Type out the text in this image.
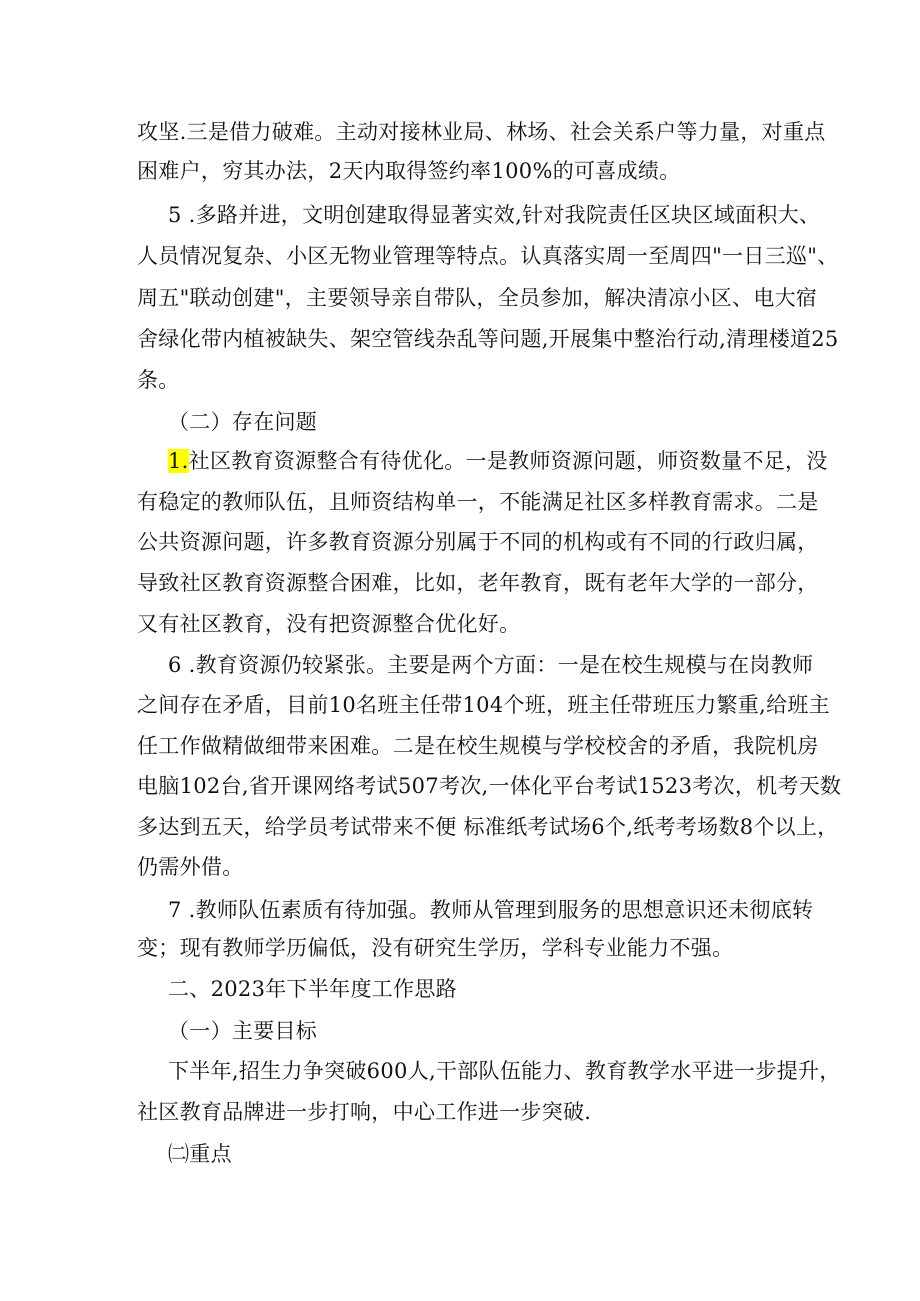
攻坚.三是借力破难。主动对接林业局、林场、社会关系户等力量，对重点
困难户，穷其办法，2天内取得签约率100%的可喜成绩。
5 .多路并进，文明创建取得显著实效,针对我院责任区块区域面积大、
人员情况复杂、小区无物业管理等特点。认真落实周一至周四"一日三巡"、
周五"联动创建"，主要领导亲自带队，全员参加，解决清凉小区、电大宿
舍绿化带内植被缺失、架空管线杂乱等问题,开展集中整治行动,清理楼道25
条。
（二）存在问题
1.社区教育资源整合有待优化。一是教师资源问题，师资数量不足，没
有稳定的教师队伍，且师资结构单一，不能满足社区多样教育需求。二是
公共资源问题，许多教育资源分别属于不同的机构或有不同的行政归属，
导致社区教育资源整合困难，比如，老年教育，既有老年大学的一部分，
又有社区教育，没有把资源整合优化好。
6 .教育资源仍较紧张。主要是两个方面：一是在校生规模与在岗教师
之间存在矛盾，目前10名班主任带104个班，班主任带班压力繁重,给班主
任工作做精做细带来困难。二是在校生规模与学校校舍的矛盾，我院机房
电脑102台,省开课网络考试507考次,一体化平台考试1523考次，机考天数
多达到五天，给学员考试带来不便 标准纸考试场6个,纸考考场数8个以上，
仍需外借。
7 .教师队伍素质有待加强。教师从管理到服务的思想意识还未彻底转
变；现有教师学历偏低，没有研究生学历，学科专业能力不强。
二、2023年下半年度工作思路
（一）主要目标
下半年,招生力争突破600人,干部队伍能力、教育教学水平进一步提升，
社区教育品牌进一步打响，中心工作进一步突破.
㈡重点
